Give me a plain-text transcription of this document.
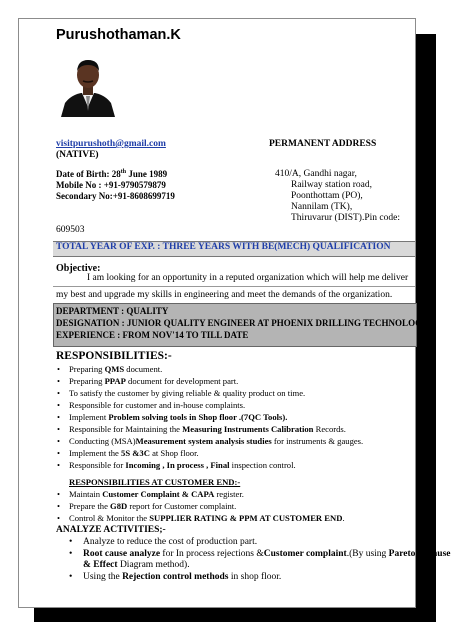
Purushothaman.K
visitpurushoth@gmail.com
(NATIVE)
PERMANENT ADDRESS
Date of Birth: 28th June 1989
Mobile No : +91-9790579879
Secondary No:+91-8608699719
410/A, Gandhi nagar,
Railway station road,
Poonthottam (PO),
Nannilam (TK),
Thiruvarur (DIST).Pin code:
609503
TOTAL YEAR OF EXP. : THREE YEARS WITH BE(MECH) QUALIFICATION
Objective:
I am looking for an opportunity in a reputed organization which will help me deliver
my best and upgrade my skills in engineering and meet the demands of the organization.
DEPARTMENT : QUALITY
DESIGNATION : JUNIOR QUALITY ENGINEER AT PHOENIX DRILLING TECHNOLOGY
EXPERIENCE : FROM NOV'14 TO TILL DATE
RESPONSIBILITIES:-
• Preparing QMS document.
• Preparing PPAP document for development part.
• To satisfy the customer by giving reliable & quality product on time.
• Responsible for customer and in-house complaints.
• Implement Problem solving tools in Shop floor .(7QC Tools).
• Responsible for Maintaining the Measuring Instruments Calibration Records.
• Conducting (MSA)Measurement system analysis studies for instruments & gauges.
• Implement the 5S &3C at Shop floor.
• Responsible for Incoming , In process , Final inspection control.
RESPONSIBILITIES AT CUSTOMER END:-
• Maintain Customer Complaint & CAPA register.
• Prepare the G8D report for Customer complaint.
• Control & Monitor the SUPPLIER RATING & PPM AT CUSTOMER END.
ANALYZE ACTIVITIES;-
• Analyze to reduce the cost of production part.
• Root cause analyze for In process rejections &Customer complaint.(By using Pareto &Cause
& Effect Diagram method).
• Using the Rejection control methods in shop floor.
